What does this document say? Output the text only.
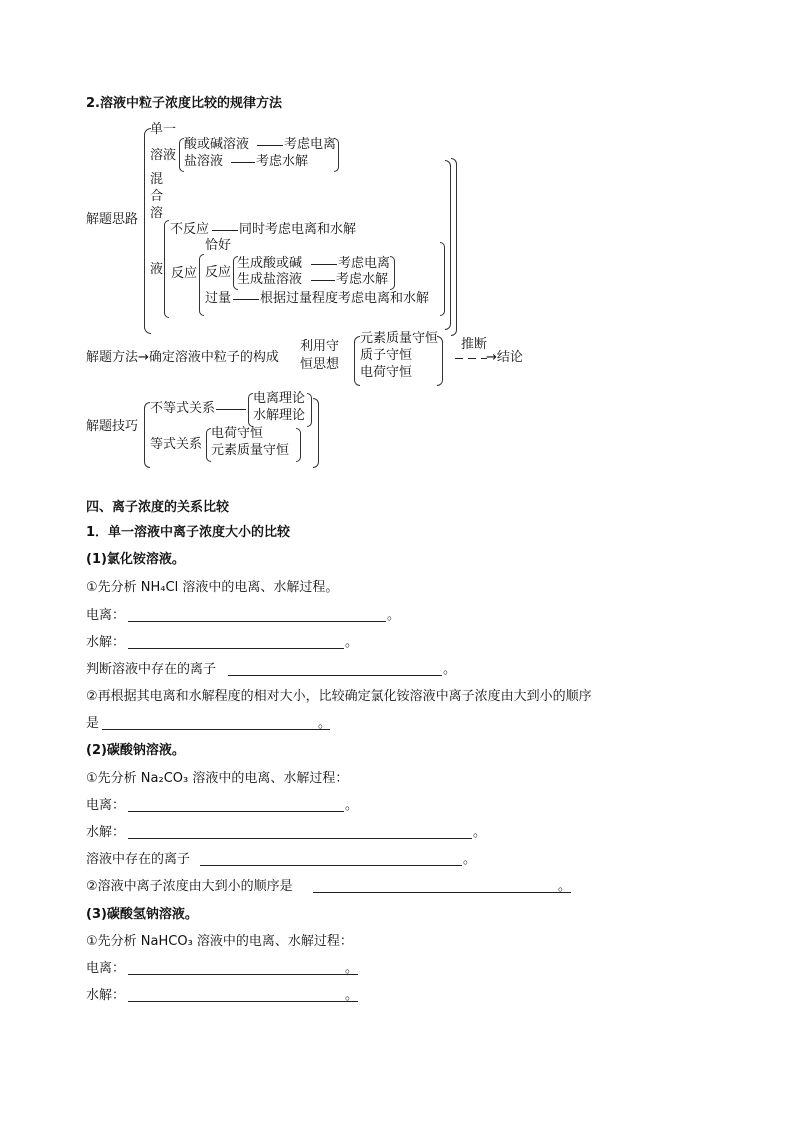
2.溶液中粒子浓度比较的规律方法
解题思路
单一
溶液
酸或碱溶液	考虑电离
盐溶液	考虑水解
混
合
溶
液
不反应 同时考虑电离和水解
反应
恰好
反应
生成酸或碱	考虑电离
生成盐溶液	考虑水解
过量 根据过量程度考虑电离和水解
解题方法→确定溶液中粒子的构成
利用守
恒思想
元素质量守恒
质子守恒
电荷守恒
推断
→结论
解题技巧
不等式关系
电离理论
水解理论
等式关系
电荷守恒
元素质量守恒
四、离子浓度的关系比较
1．单一溶液中离子浓度大小的比较
(1)氯化铵溶液。
①先分析 NH₄Cl 溶液中的电离、水解过程。
电离：	。
水解：	。
判断溶液中存在的离子	。
②再根据其电离和水解程度的相对大小，比较确定氯化铵溶液中离子浓度由大到小的顺序
是	。
(2)碳酸钠溶液。
①先分析 Na₂CO₃ 溶液中的电离、水解过程：
电离：	。
水解：	。
溶液中存在的离子	。
②溶液中离子浓度由大到小的顺序是	。
(3)碳酸氢钠溶液。
①先分析 NaHCO₃ 溶液中的电离、水解过程：
电离：	。
水解：	。
